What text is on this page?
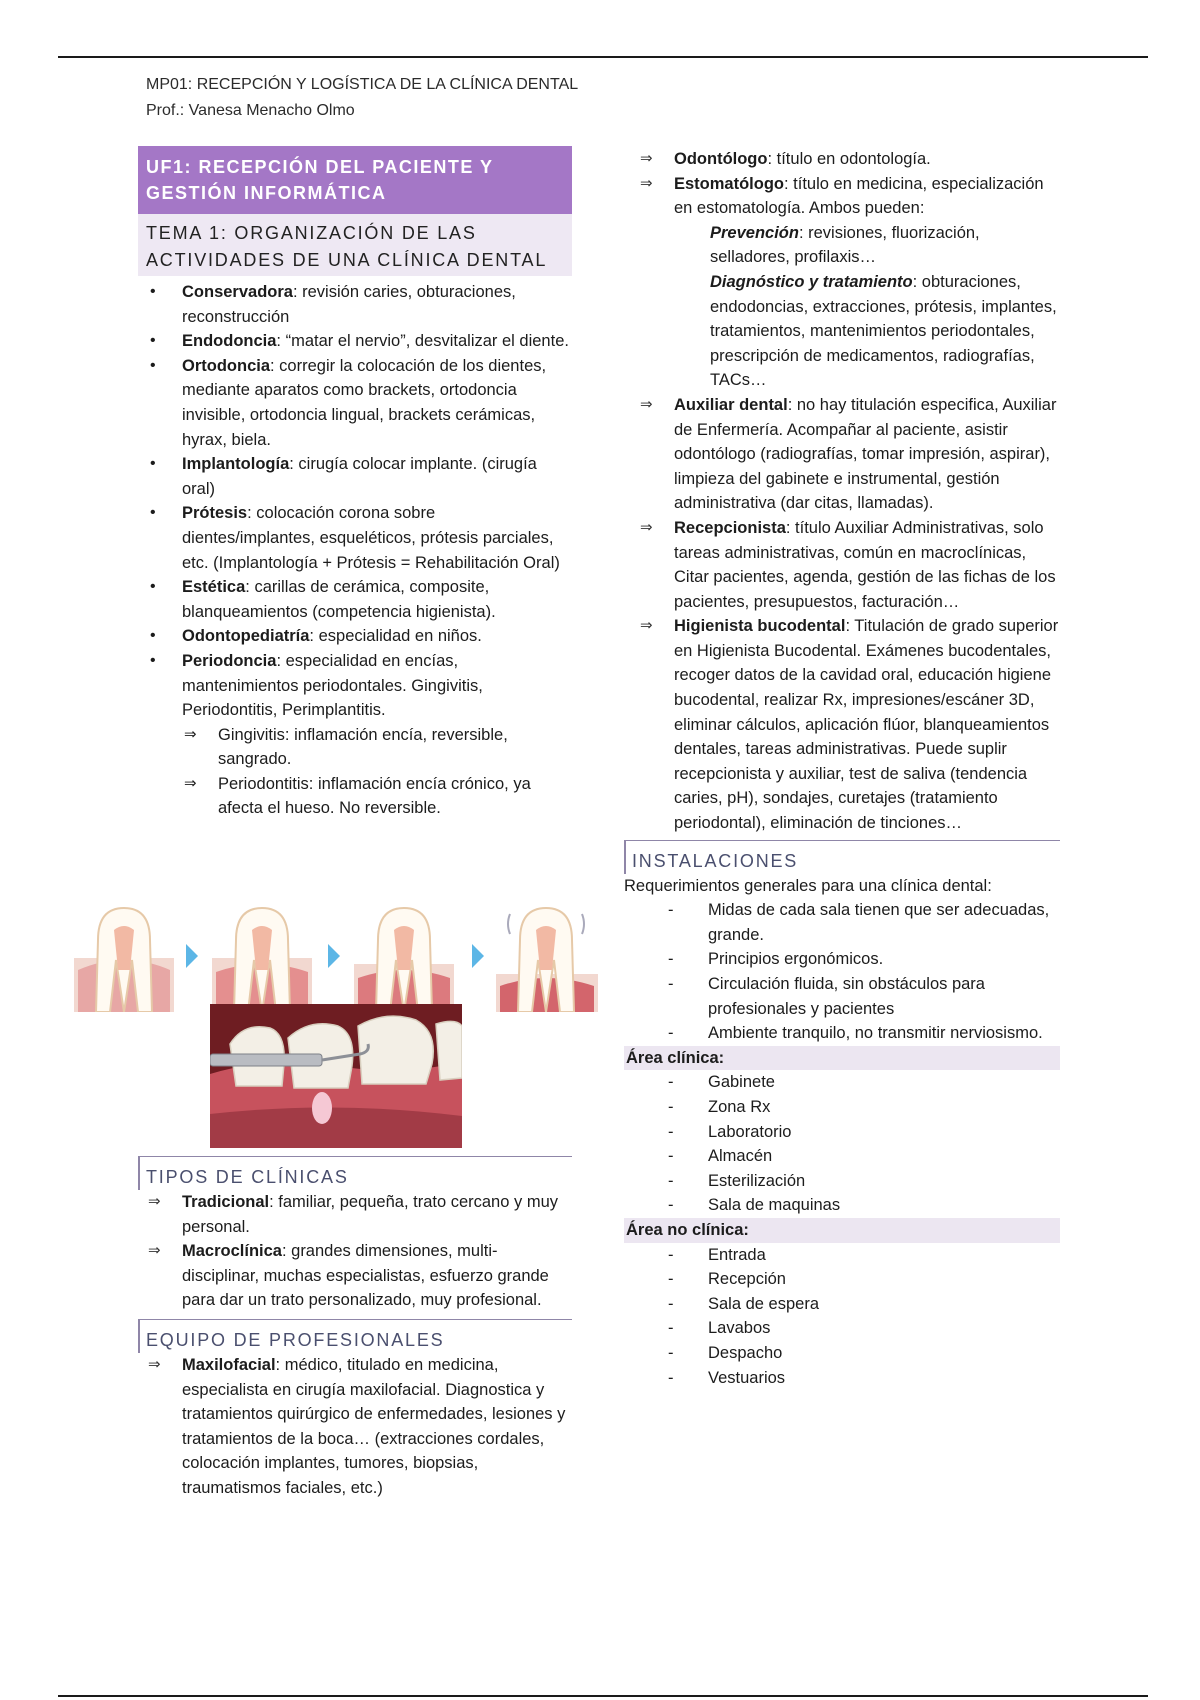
MP01: RECEPCIÓN Y LOGÍSTICA DE LA CLÍNICA DENTAL
Prof.: Vanesa Menacho Olmo
UF1: RECEPCIÓN DEL PACIENTE Y
GESTIÓN INFORMÁTICA
TEMA 1: ORGANIZACIÓN DE LAS
ACTIVIDADES DE UNA CLÍNICA DENTAL
• Conservadora: revisión caries, obturaciones, reconstrucción
• Endodoncia: “matar el nervio”, desvitalizar el diente.
• Ortodoncia: corregir la colocación de los dientes, mediante aparatos como brackets, ortodoncia invisible, ortodoncia lingual, brackets cerámicas, hyrax, biela.
• Implantología: cirugía colocar implante. (cirugía oral)
• Prótesis: colocación corona sobre dientes/implantes, esqueléticos, prótesis parciales, etc. (Implantología + Prótesis = Rehabilitación Oral)
• Estética: carillas de cerámica, composite, blanqueamientos (competencia higienista).
• Odontopediatría: especialidad en niños.
• Periodoncia: especialidad en encías, mantenimientos periodontales. Gingivitis, Periodontitis, Perimplantitis.
⇒ Gingivitis: inflamación encía, reversible, sangrado.
⇒ Periodontitis: inflamación encía crónico, ya afecta el hueso. No reversible.
TIPOS DE CLÍNICAS
⇒ Tradicional: familiar, pequeña, trato cercano y muy personal.
⇒ Macroclínica: grandes dimensiones, multi-disciplinar, muchas especialistas, esfuerzo grande para dar un trato personalizado, muy profesional.
EQUIPO DE PROFESIONALES
⇒ Maxilofacial: médico, titulado en medicina, especialista en cirugía maxilofacial. Diagnostica y tratamientos quirúrgico de enfermedades, lesiones y tratamientos de la boca… (extracciones cordales, colocación implantes, tumores, biopsias, traumatismos faciales, etc.)
⇒ Odontólogo: título en odontología.
⇒ Estomatólogo: título en medicina, especialización en estomatología. Ambos pueden:
Prevención: revisiones, fluorización, selladores, profilaxis…
Diagnóstico y tratamiento: obturaciones, endodoncias, extracciones, prótesis, implantes, tratamientos, mantenimientos periodontales, prescripción de medicamentos, radiografías, TACs…
⇒ Auxiliar dental: no hay titulación especifica, Auxiliar de Enfermería. Acompañar al paciente, asistir odontólogo (radiografías, tomar impresión, aspirar), limpieza del gabinete e instrumental, gestión administrativa (dar citas, llamadas).
⇒ Recepcionista: título Auxiliar Administrativas, solo tareas administrativas, común en macroclínicas, Citar pacientes, agenda, gestión de las fichas de los pacientes, presupuestos, facturación…
⇒ Higienista bucodental: Titulación de grado superior en Higienista Bucodental. Exámenes bucodentales, recoger datos de la cavidad oral, educación higiene bucodental, realizar Rx, impresiones/escáner 3D, eliminar cálculos, aplicación flúor, blanqueamientos dentales, tareas administrativas. Puede suplir recepcionista y auxiliar, test de saliva (tendencia caries, pH), sondajes, curetajes (tratamiento periodontal), eliminación de tinciones…
INSTALACIONES
Requerimientos generales para una clínica dental:
- Midas de cada sala tienen que ser adecuadas, grande.
- Principios ergonómicos.
- Circulación fluida, sin obstáculos para profesionales y pacientes
- Ambiente tranquilo, no transmitir nerviosismo.
Área clínica:
- Gabinete
- Zona Rx
- Laboratorio
- Almacén
- Esterilización
- Sala de maquinas
Área no clínica:
- Entrada
- Recepción
- Sala de espera
- Lavabos
- Despacho
- Vestuarios
